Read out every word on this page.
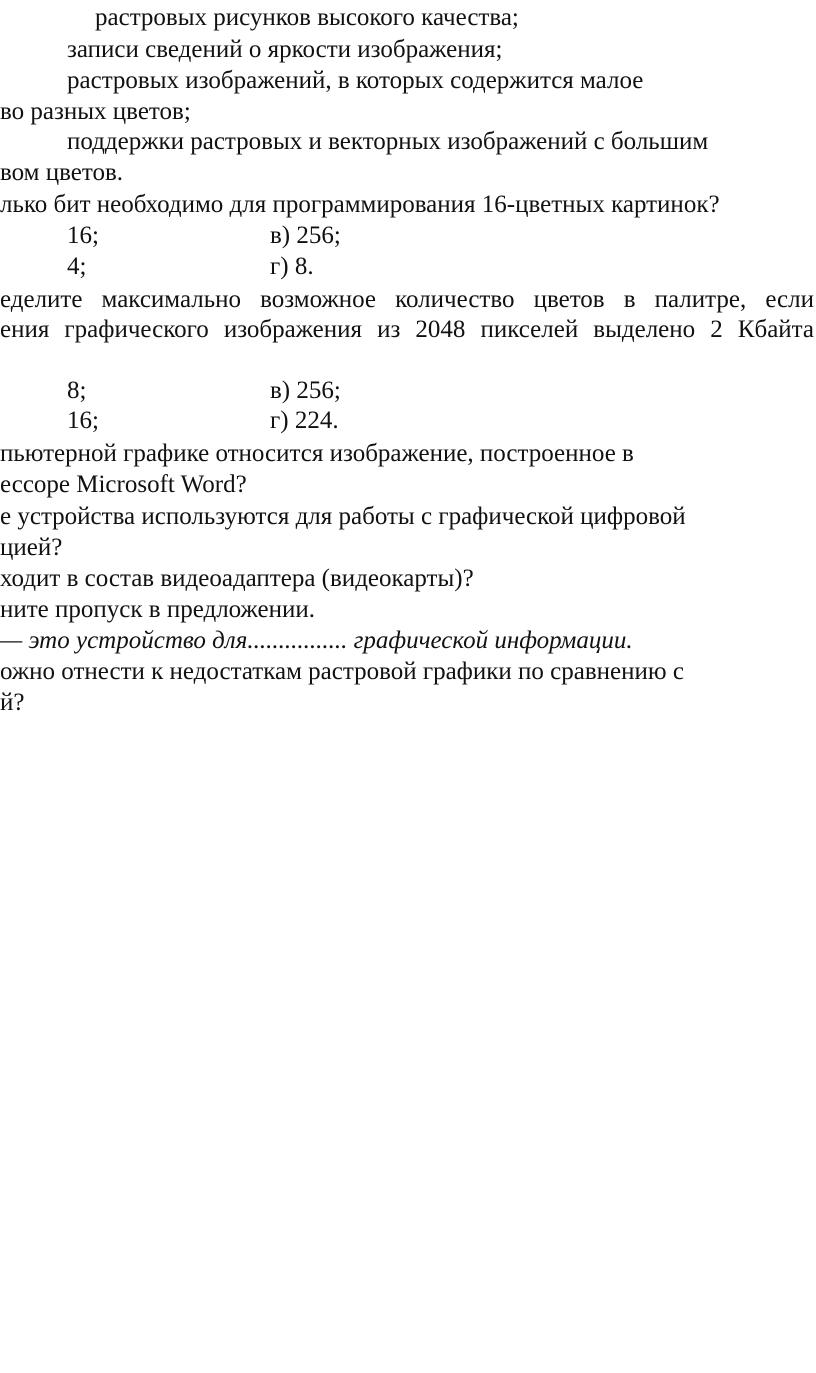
растровых рисунков высокого качества;
записи сведений о яркости изображения;
растровых изображений, в которых содержится малое
во разных цветов;
поддержки растровых и векторных изображений с большим
вом цветов.
лько бит необходимо для программирования 16-цветных картинок?
16;	в) 256;
4;	г) 8.
еделите максимально возможное количество цветов в палитре, если
ения графического изображения из 2048 пикселей выделено 2 Кбайта
8;	в) 256;
16;	г) 224.
пьютерной графике относится изображение, построенное в
ессоре Microsoft Word?
е устройства используются для работы с графической цифровой
цией?
ходит в состав видеоадаптера (видеокарты)?
ните пропуск в предложении.
— это устройство для................ графической информации.
ожно отнести к недостаткам растровой графики по сравнению с
й?
